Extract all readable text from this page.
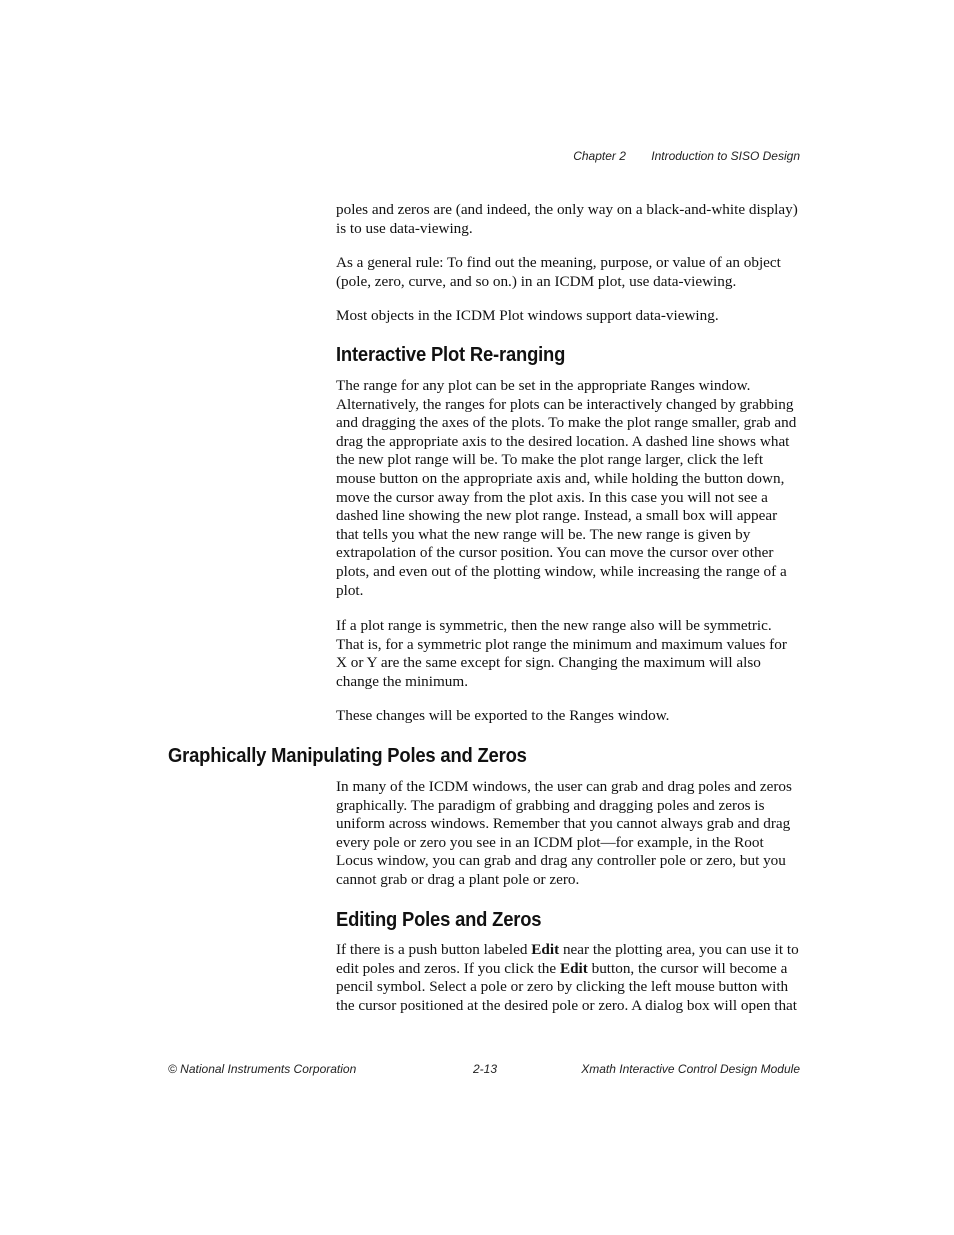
Chapter 2 Introduction to SISO Design

poles and zeros are (and indeed, the only way on a black-and-white display) is to use data-viewing.

As a general rule: To find out the meaning, purpose, or value of an object (pole, zero, curve, and so on.) in an ICDM plot, use data-viewing.

Most objects in the ICDM Plot windows support data-viewing.

Interactive Plot Re-ranging

The range for any plot can be set in the appropriate Ranges window. Alternatively, the ranges for plots can be interactively changed by grabbing and dragging the axes of the plots. To make the plot range smaller, grab and drag the appropriate axis to the desired location. A dashed line shows what the new plot range will be. To make the plot range larger, click the left mouse button on the appropriate axis and, while holding the button down, move the cursor away from the plot axis. In this case you will not see a dashed line showing the new plot range. Instead, a small box will appear that tells you what the new range will be. The new range is given by extrapolation of the cursor position. You can move the cursor over other plots, and even out of the plotting window, while increasing the range of a plot.

If a plot range is symmetric, then the new range also will be symmetric. That is, for a symmetric plot range the minimum and maximum values for X or Y are the same except for sign. Changing the maximum will also change the minimum.

These changes will be exported to the Ranges window.

Graphically Manipulating Poles and Zeros

In many of the ICDM windows, the user can grab and drag poles and zeros graphically. The paradigm of grabbing and dragging poles and zeros is uniform across windows. Remember that you cannot always grab and drag every pole or zero you see in an ICDM plot—for example, in the Root Locus window, you can grab and drag any controller pole or zero, but you cannot grab or drag a plant pole or zero.

Editing Poles and Zeros

If there is a push button labeled Edit near the plotting area, you can use it to edit poles and zeros. If you click the Edit button, the cursor will become a pencil symbol. Select a pole or zero by clicking the left mouse button with the cursor positioned at the desired pole or zero. A dialog box will open that

© National Instruments Corporation	2-13	Xmath Interactive Control Design Module
